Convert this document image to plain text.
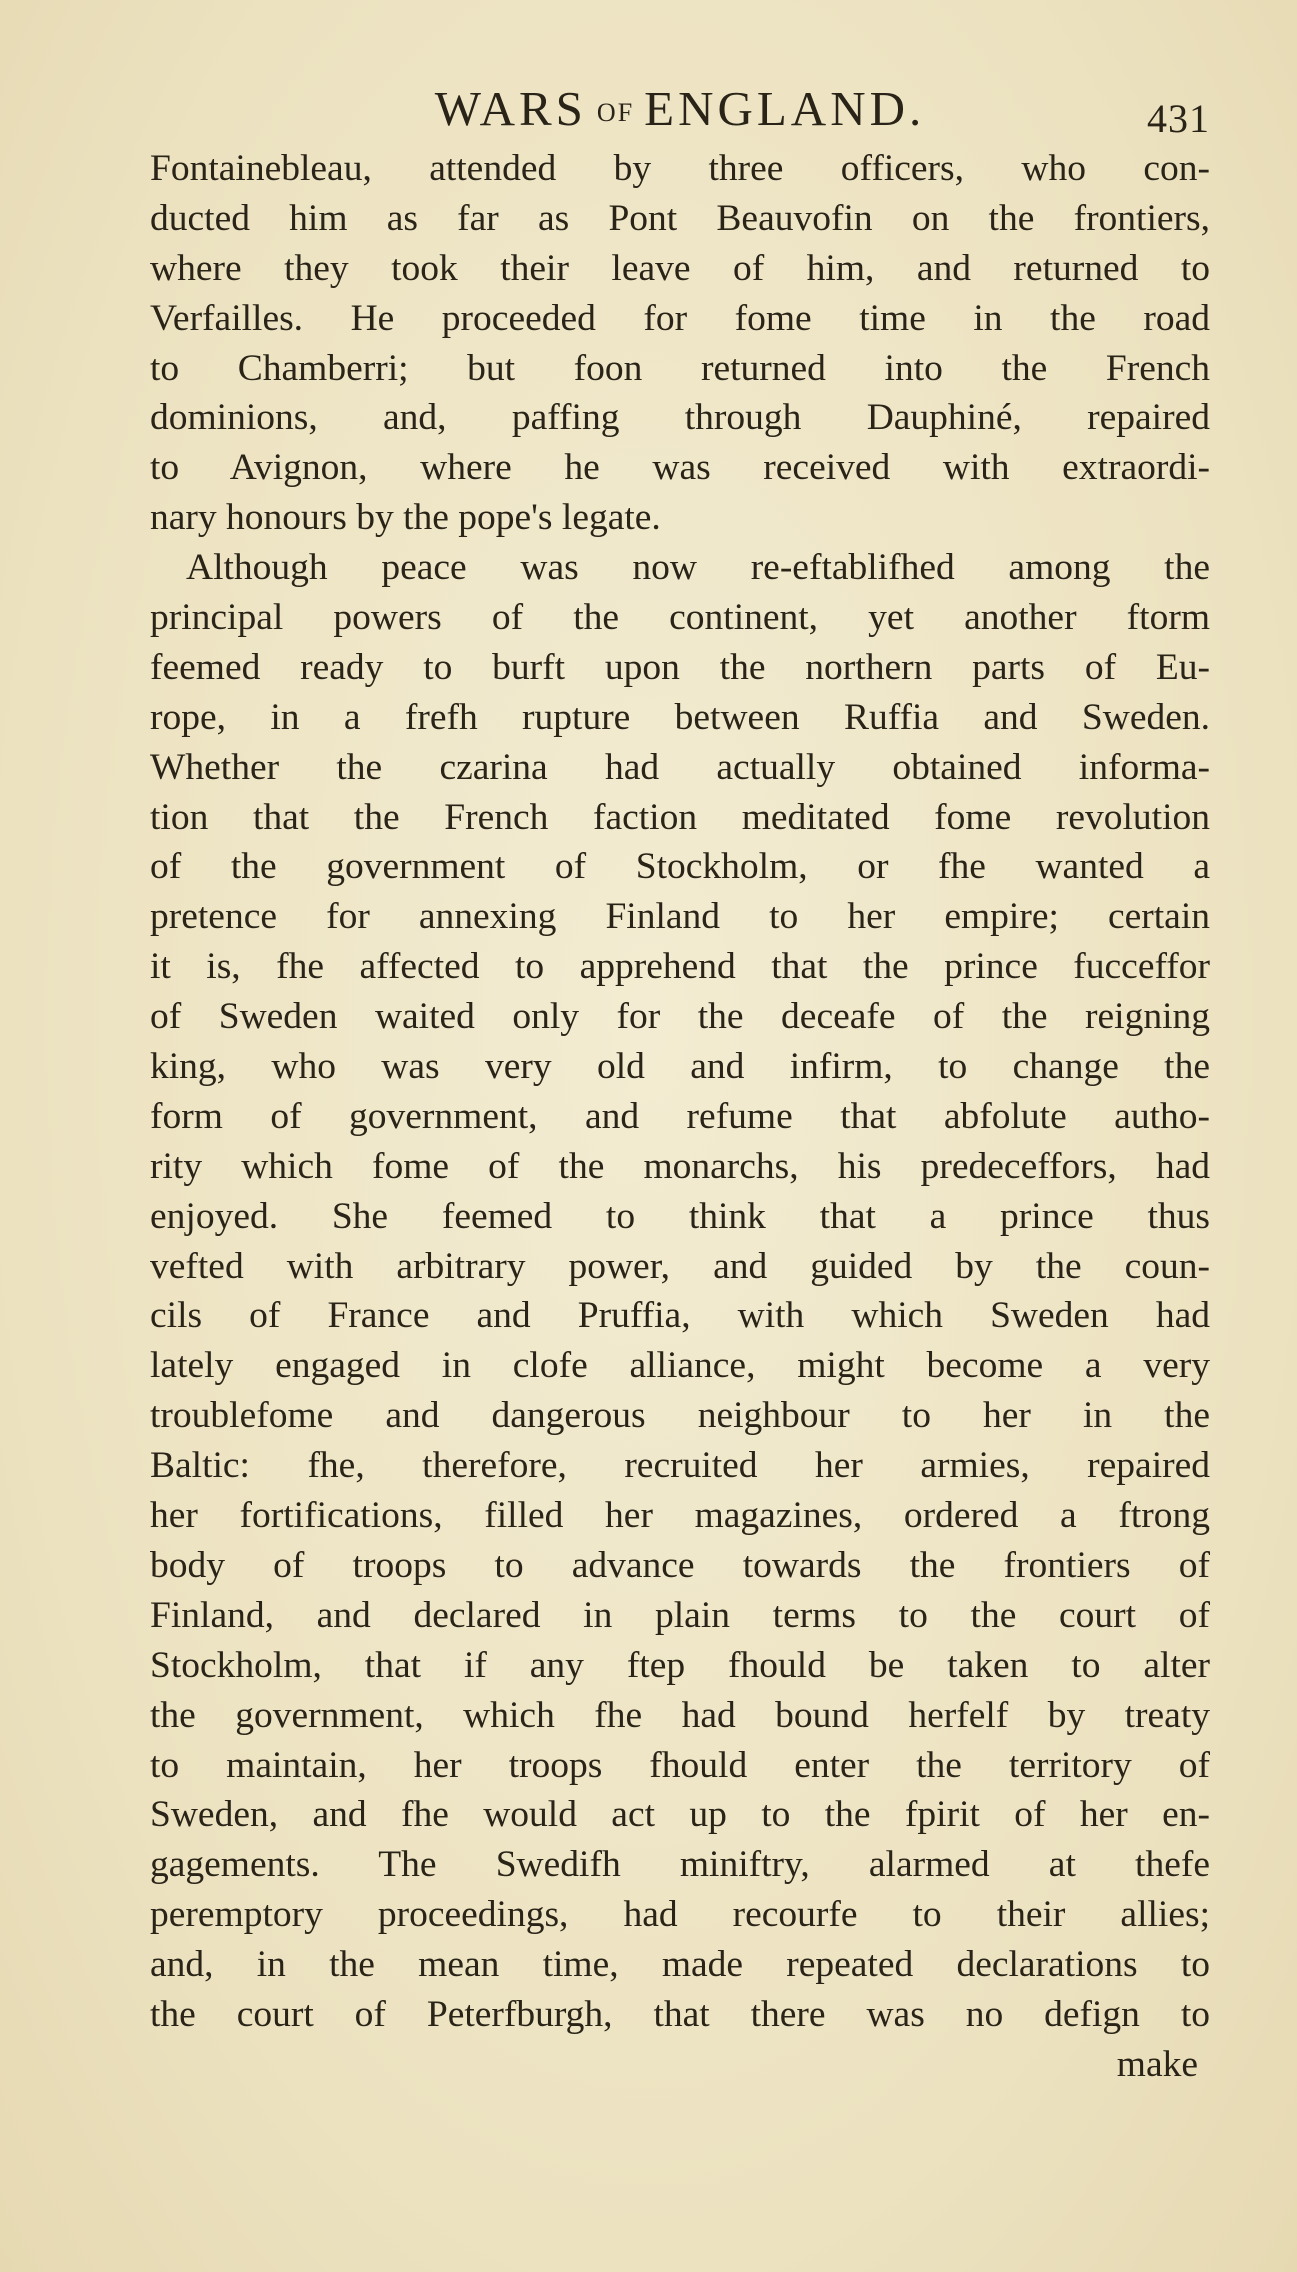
WARS OF ENGLAND.	431
Fontainebleau, attended by three officers, who con-
ducted him as far as Pont Beauvofin on the frontiers,
where they took their leave of him, and returned to
Verfailles. He proceeded for fome time in the road
to Chamberri; but foon returned into the French
dominions, and, paffing through Dauphiné, repaired
to Avignon, where he was received with extraordi-
nary honours by the pope's legate.
Although peace was now re-eftablifhed among the
principal powers of the continent, yet another ftorm
feemed ready to burft upon the northern parts of Eu-
rope, in a frefh rupture between Ruffia and Sweden.
Whether the czarina had actually obtained informa-
tion that the French faction meditated fome revolution
of the government of Stockholm, or fhe wanted a
pretence for annexing Finland to her empire; certain
it is, fhe affected to apprehend that the prince fucceffor
of Sweden waited only for the deceafe of the reigning
king, who was very old and infirm, to change the
form of government, and refume that abfolute autho-
rity which fome of the monarchs, his predeceffors, had
enjoyed. She feemed to think that a prince thus
vefted with arbitrary power, and guided by the coun-
cils of France and Pruffia, with which Sweden had
lately engaged in clofe alliance, might become a very
troublefome and dangerous neighbour to her in the
Baltic: fhe, therefore, recruited her armies, repaired
her fortifications, filled her magazines, ordered a ftrong
body of troops to advance towards the frontiers of
Finland, and declared in plain terms to the court of
Stockholm, that if any ftep fhould be taken to alter
the government, which fhe had bound herfelf by treaty
to maintain, her troops fhould enter the territory of
Sweden, and fhe would act up to the fpirit of her en-
gagements. The Swedifh miniftry, alarmed at thefe
peremptory proceedings, had recourfe to their allies;
and, in the mean time, made repeated declarations to
the court of Peterfburgh, that there was no defign to
make
